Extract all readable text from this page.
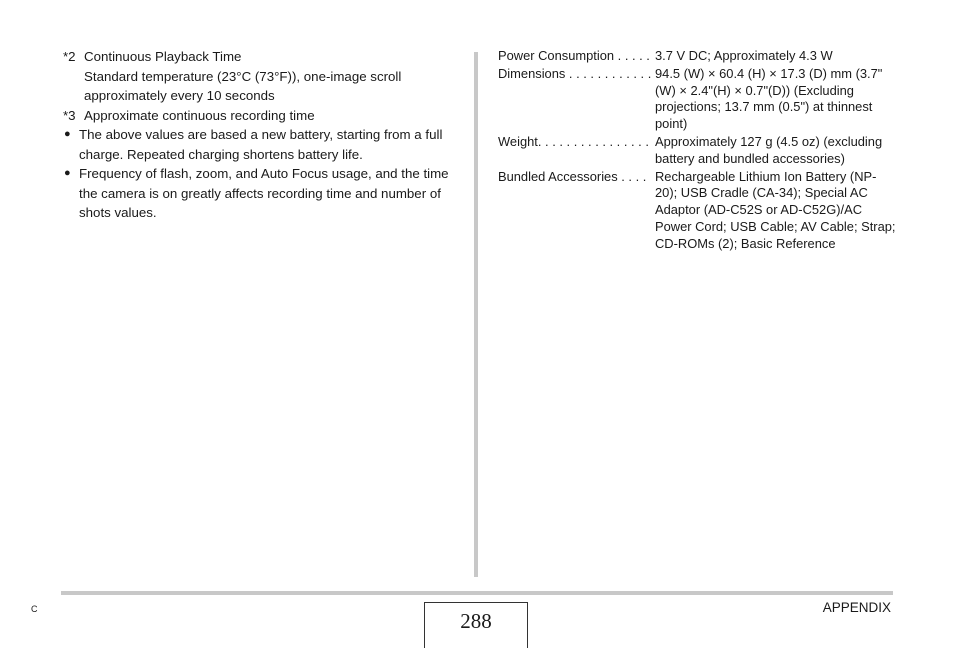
*2 Continuous Playback Time
Standard temperature (23°C (73°F)), one-image scroll approximately every 10 seconds
*3 Approximate continuous recording time
● The above values are based a new battery, starting from a full charge. Repeated charging shortens battery life.
● Frequency of flash, zoom, and Auto Focus usage, and the time the camera is on greatly affects recording time and number of shots values.
Power Consumption . . . . .	3.7 V DC; Approximately 4.3 W
Dimensions . . . . . . . . . . . .	94.5 (W) × 60.4 (H) × 17.3 (D) mm (3.7"(W) × 2.4"(H) × 0.7"(D)) (Excluding projections; 13.7 mm (0.5") at thinnest point)
Weight. . . . . . . . . . . . . . . .	Approximately 127 g (4.5 oz) (excluding battery and bundled accessories)
Bundled Accessories . . . .	Rechargeable Lithium Ion Battery (NP-20); USB Cradle (CA-34); Special AC Adaptor (AD-C52S or AD-C52G)/AC Power Cord; USB Cable; AV Cable; Strap; CD-ROMs (2); Basic Reference
C	APPENDIX
288
